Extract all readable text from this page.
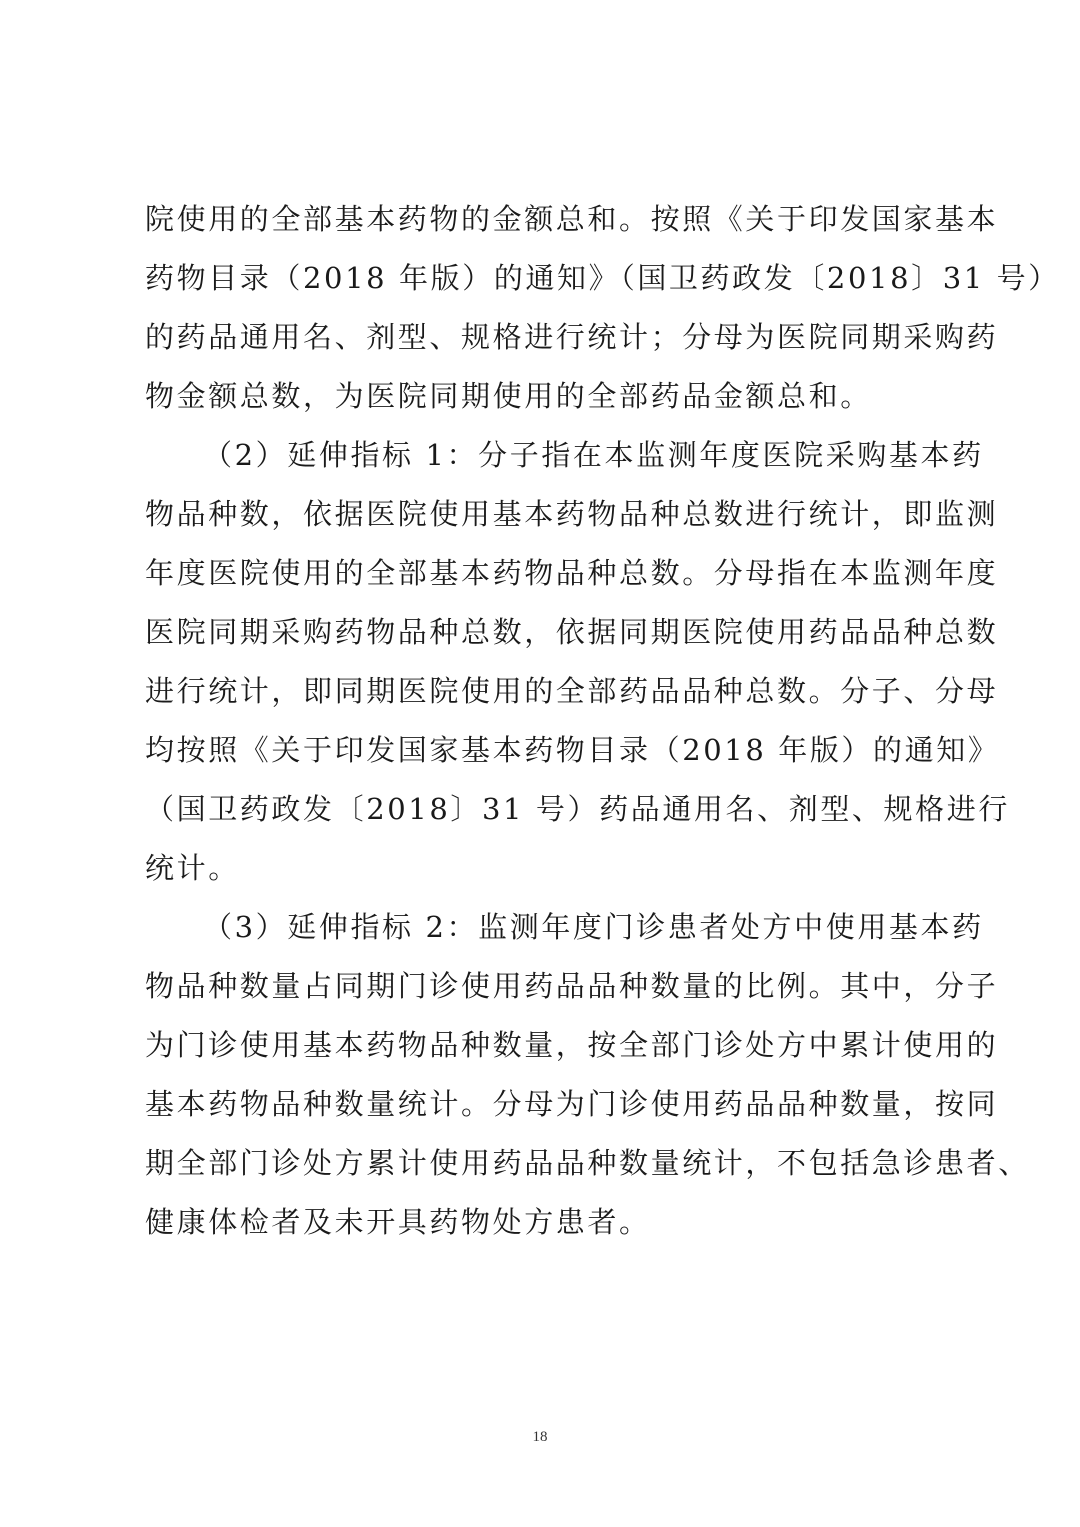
院使用的全部基本药物的金额总和。按照《关于印发国家基本
药物目录（2018 年版）的通知》（国卫药政发〔2018〕31 号）
的药品通用名、剂型、规格进行统计；分母为医院同期采购药
物金额总数，为医院同期使用的全部药品金额总和。
（2）延伸指标 1：分子指在本监测年度医院采购基本药
物品种数，依据医院使用基本药物品种总数进行统计，即监测
年度医院使用的全部基本药物品种总数。分母指在本监测年度
医院同期采购药物品种总数，依据同期医院使用药品品种总数
进行统计，即同期医院使用的全部药品品种总数。分子、分母
均按照《关于印发国家基本药物目录（2018 年版）的通知》
（国卫药政发〔2018〕31 号）药品通用名、剂型、规格进行
统计。
（3）延伸指标 2：监测年度门诊患者处方中使用基本药
物品种数量占同期门诊使用药品品种数量的比例。其中，分子
为门诊使用基本药物品种数量，按全部门诊处方中累计使用的
基本药物品种数量统计。分母为门诊使用药品品种数量，按同
期全部门诊处方累计使用药品品种数量统计，不包括急诊患者、
健康体检者及未开具药物处方患者。
18
